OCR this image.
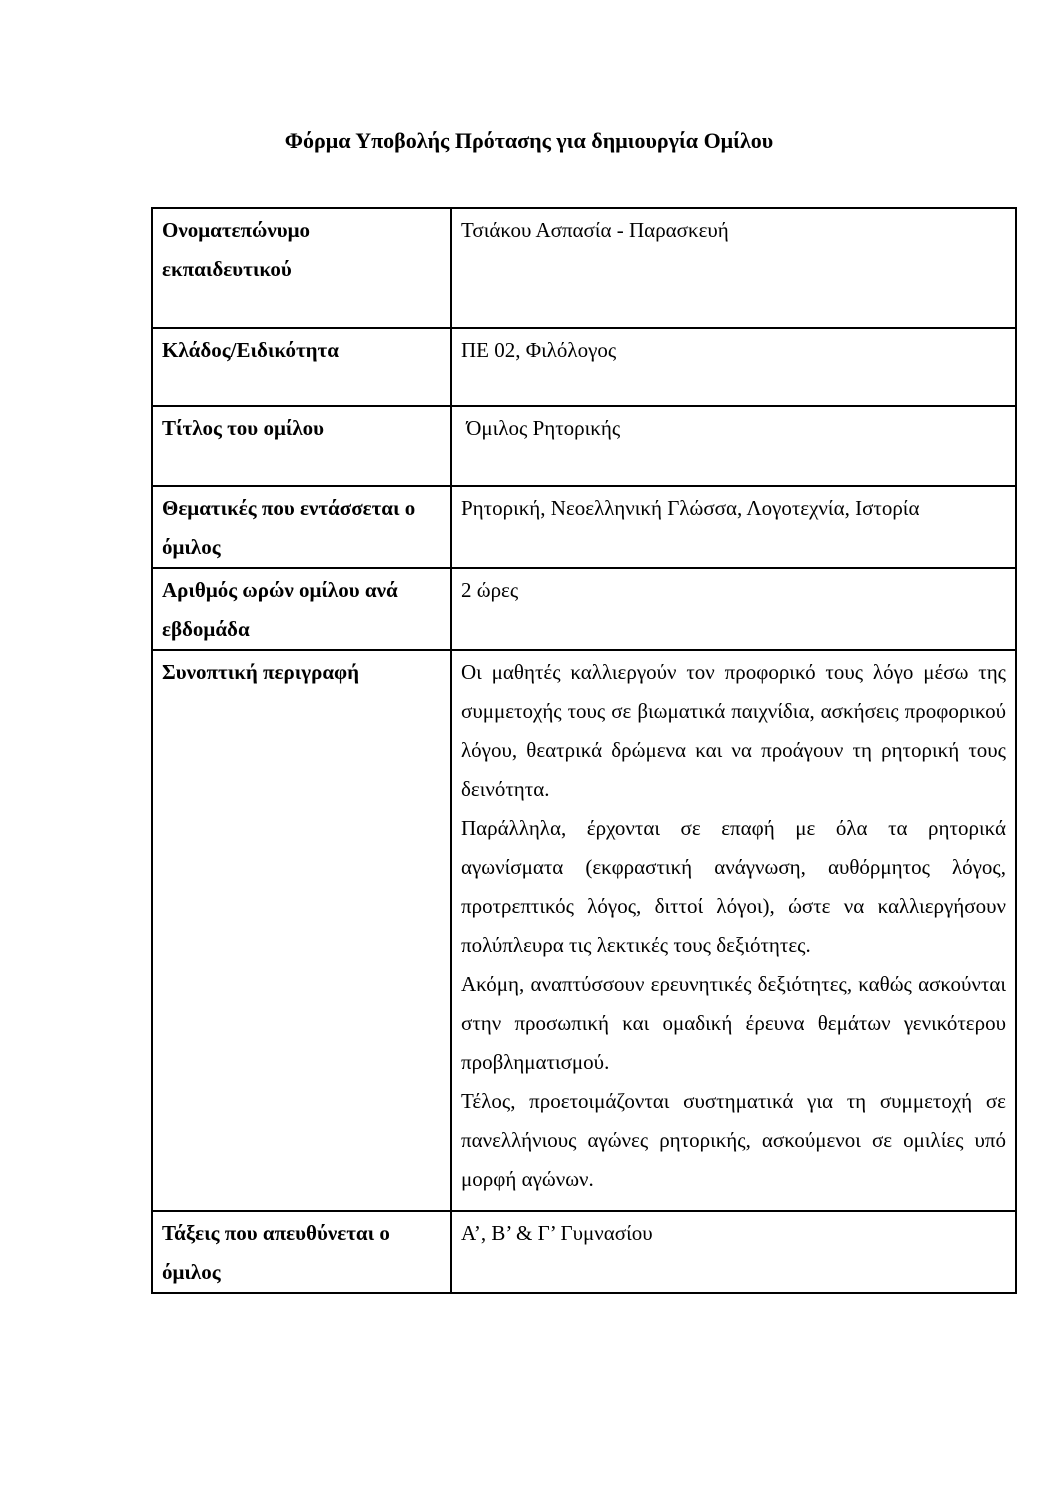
Φόρμα Υποβολής Πρότασης για δημιουργία Ομίλου
Ονοματεπώνυμο εκπαιδευτικού	Τσιάκου Ασπασία - Παρασκευή
Κλάδος/Ειδικότητα	ΠΕ 02, Φιλόλογος
Τίτλος του ομίλου	Όμιλος Ρητορικής
Θεματικές που εντάσσεται ο όμιλος	Ρητορική, Νεοελληνική Γλώσσα, Λογοτεχνία, Ιστορία
Αριθμός ωρών ομίλου ανά εβδομάδα	2 ώρες
Συνοπτική περιγραφή	Οι μαθητές καλλιεργούν τον προφορικό τους λόγο μέσω της συμμετοχής τους σε βιωματικά παιχνίδια, ασκήσεις προφορικού λόγου, θεατρικά δρώμενα και να προάγουν τη ρητορική τους δεινότητα.

Παράλληλα, έρχονται σε επαφή με όλα τα ρητορικά αγωνίσματα (εκφραστική ανάγνωση, αυθόρμητος λόγος, προτρεπτικός λόγος, διττοί λόγοι), ώστε να καλλιεργήσουν πολύπλευρα τις λεκτικές τους δεξιότητες.

Ακόμη, αναπτύσσουν ερευνητικές δεξιότητες, καθώς ασκούνται στην προσωπική και ομαδική έρευνα θεμάτων γενικότερου προβληματισμού.

Τέλος, προετοιμάζονται συστηματικά για τη συμμετοχή σε πανελλήνιους αγώνες ρητορικής, ασκούμενοι σε ομιλίες υπό μορφή αγώνων.

Τάξεις που απευθύνεται ο όμιλος	Α’, Β’ & Γ’ Γυμνασίου
